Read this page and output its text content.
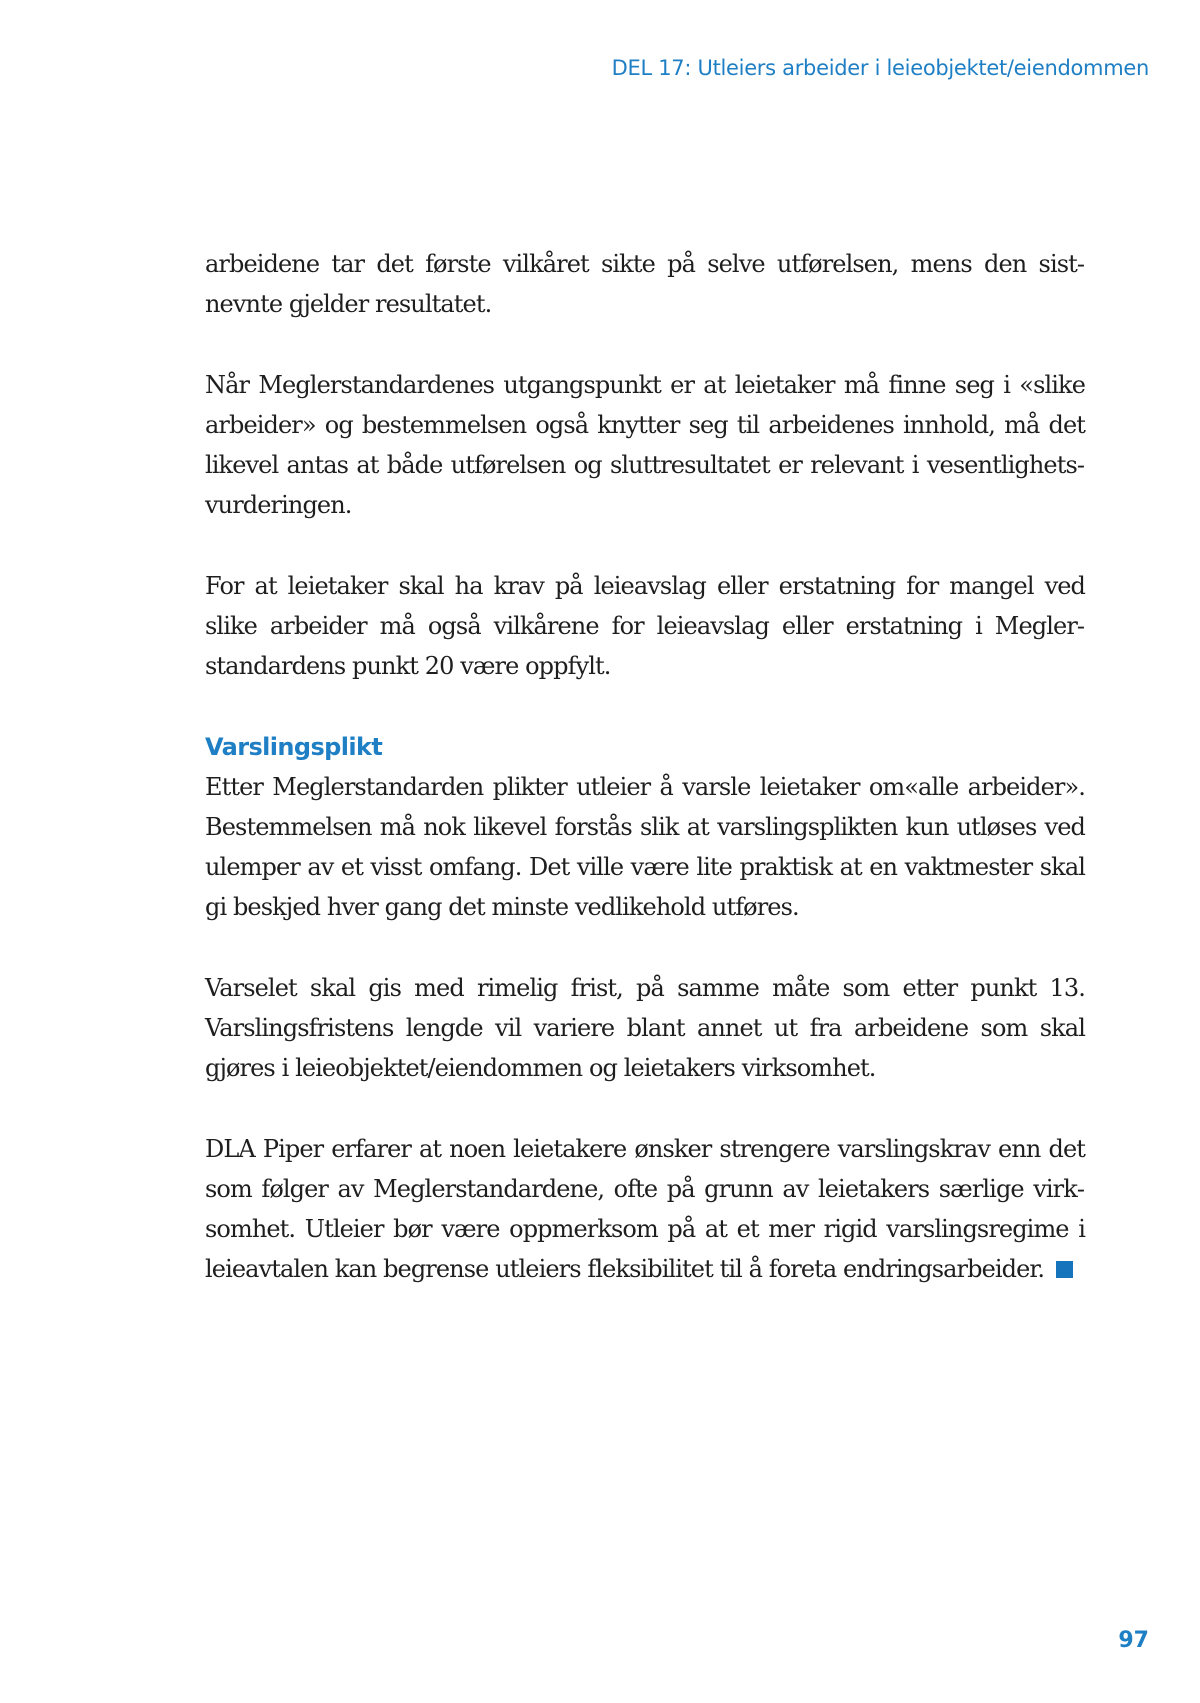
DEL 17: Utleiers arbeider i leieobjektet/eiendommen

arbeidene tar det første vilkåret sikte på selve utførelsen, mens den sistnevnte gjelder resultatet.

Når Meglerstandardenes utgangspunkt er at leietaker må finne seg i «slike arbeider» og bestemmelsen også knytter seg til arbeidenes innhold, må det likevel antas at både utførelsen og sluttresultatet er relevant i vesentlighetsvurderingen.

For at leietaker skal ha krav på leieavslag eller erstatning for mangel ved slike arbeider må også vilkårene for leieavslag eller erstatning i Meglerstandardens punkt 20 være oppfylt.

Varslingsplikt

Etter Meglerstandarden plikter utleier å varsle leietaker om«alle arbeider». Bestemmelsen må nok likevel forstås slik at varslingsplikten kun utløses ved ulemper av et visst omfang. Det ville være lite praktisk at en vaktmester skal gi beskjed hver gang det minste vedlikehold utføres.

Varselet skal gis med rimelig frist, på samme måte som etter punkt 13. Varslingsfristens lengde vil variere blant annet ut fra arbeidene som skal gjøres i leieobjektet/eiendommen og leietakers virksomhet.

DLA Piper erfarer at noen leietakere ønsker strengere varslingskrav enn det som følger av Meglerstandardene, ofte på grunn av leietakers særlige virksomhet. Utleier bør være oppmerksom på at et mer rigid varslingsregime i leieavtalen kan begrense utleiers fleksibilitet til å foreta endringsarbeider.

97
